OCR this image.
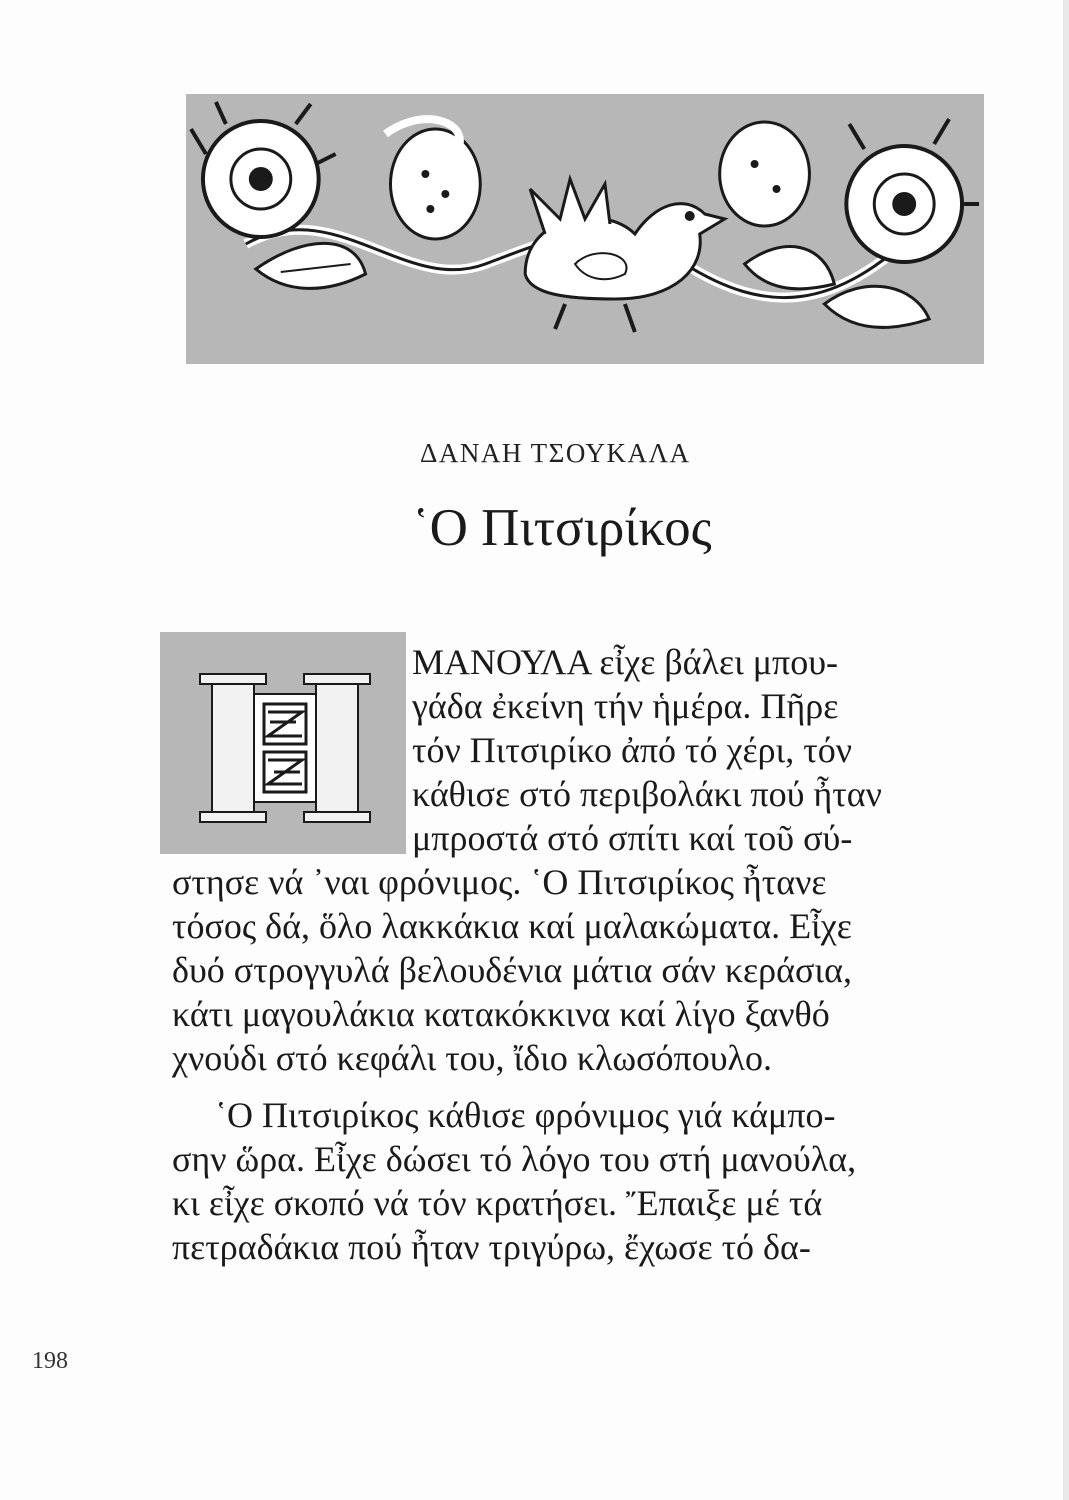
ΔΑΝΑΗ ΤΣΟΥΚΑΛΑ
῾Ο Πιτσιρίκος
ΜΑΝΟΥΛΑ εἶχε βάλει μπου-
γάδα ἐκείνη τήν ἡμέρα. Πῆρε
τόν Πιτσιρίκο ἀπό τό χέρι, τόν
κάθισε στό περιβολάκι πού ἦταν
μπροστά στό σπίτι καί τοῦ σύ-
στησε νά ᾿ναι φρόνιμος. ῾Ο Πιτσιρίκος ἦτανε
τόσος δά, ὅλο λακκάκια καί μαλακώματα. Εἶχε
δυό στρογγυλά βελουδένια μάτια σάν κεράσια,
κάτι μαγουλάκια κατακόκκινα καί λίγο ξανθό
χνούδι στό κεφάλι του, ἴδιο κλωσόπουλο.
῾Ο Πιτσιρίκος κάθισε φρόνιμος γιά κάμπο-
σην ὥρα. Εἶχε δώσει τό λόγο του στή μανούλα,
κι εἶχε σκοπό νά τόν κρατήσει. Ἔπαιξε μέ τά
πετραδάκια πού ἦταν τριγύρω, ἔχωσε τό δα-
198
